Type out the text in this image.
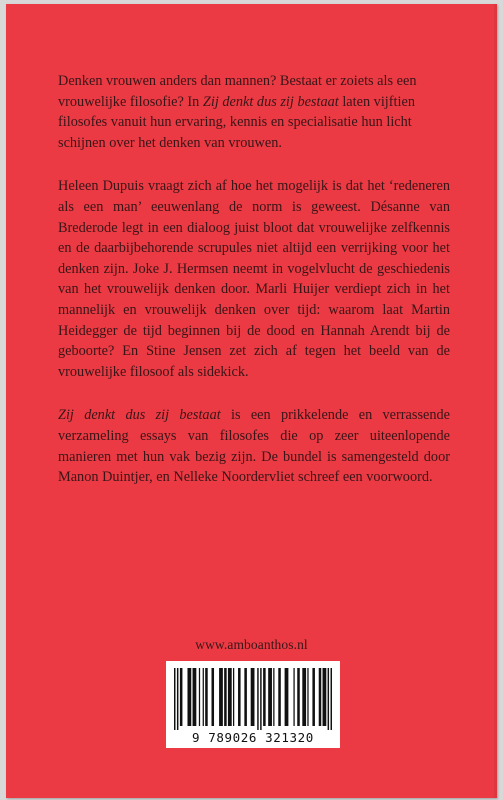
Denken vrouwen anders dan mannen? Bestaat er zoiets als een vrouwelijke filosofie? In Zij denkt dus zij bestaat laten vijftien filosofes vanuit hun ervaring, kennis en specialisatie hun licht schijnen over het denken van vrouwen.

Heleen Dupuis vraagt zich af hoe het mogelijk is dat het ‘redeneren als een man’ eeuwenlang de norm is geweest. Désanne van Brederode legt in een dialoog juist bloot dat vrouwelijke zelfkennis en de daarbijbehorende scrupules niet altijd een verrijking voor het denken zijn. Joke J. Hermsen neemt in vogelvlucht de geschiedenis van het vrouwelijk denken door. Marli Huijer verdiept zich in het mannelijk en vrouwelijk denken over tijd: waarom laat Martin Heidegger de tijd beginnen bij de dood en Hannah Arendt bij de geboorte? En Stine Jensen zet zich af tegen het beeld van de vrouwelijke filosoof als sidekick.

Zij denkt dus zij bestaat is een prikkelende en verrassende verzameling essays van filosofes die op zeer uiteenlopende manieren met hun vak bezig zijn. De bundel is samengesteld door Manon Duintjer, en Nelleke Noordervliet schreef een voorwoord.

www.amboanthos.nl
9 789026 321320
